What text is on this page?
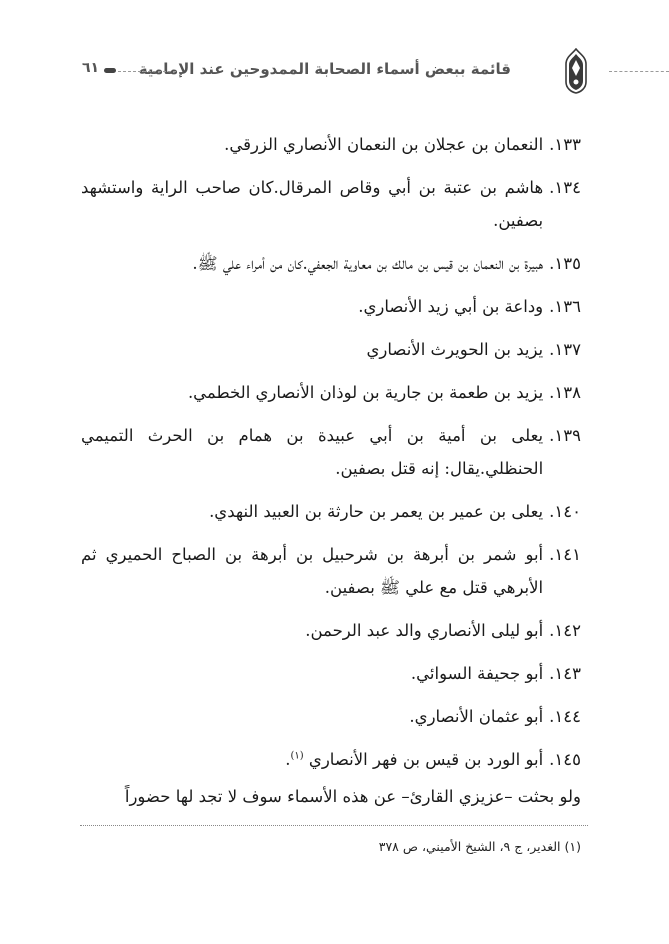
قائمة ببعض أسماء الصحابة الممدوحين عند الإمامية
٦١
١٣٣.
النعمان بن عجلان بن النعمان الأنصاري الزرقي.
١٣٤.
هاشم بن عتبة بن أبي وقاص المرقال.كان صاحب الراية واستشهد بصفين.
١٣٥.
هبيرة بن النعمان بن قيس بن مالك بن معاوية الجعفي.كان من أمراء علي ﷺ.
١٣٦.
وداعة بن أبي زيد الأنصاري.
١٣٧.
يزيد بن الحويرث الأنصاري
١٣٨.
يزيد بن طعمة بن جارية بن لوذان الأنصاري الخطمي.
١٣٩.
يعلى بن أمية بن أبي عبيدة بن همام بن الحرث التميمي الحنظلي.يقال: إنه قتل بصفين.
١٤٠.
يعلى بن عمير بن يعمر بن حارثة بن العبيد النهدي.
١٤١.
أبو شمر بن أبرهة بن شرحبيل بن أبرهة بن الصباح الحميري ثم الأبرهي قتل مع علي ﷺ بصفين.
١٤٢.
أبو ليلى الأنصاري والد عبد الرحمن.
١٤٣.
أبو جحيفة السوائي.
١٤٤.
أبو عثمان الأنصاري.
١٤٥.
أبو الورد بن قيس بن فهر الأنصاري $^{(١)}$.
ولو بحثت –عزيزي القارئ– عن هذه الأسماء سوف لا تجد لها حضوراً
(١) الغدير، ج ٩، الشيخ الأميني، ص ٣٧٨
